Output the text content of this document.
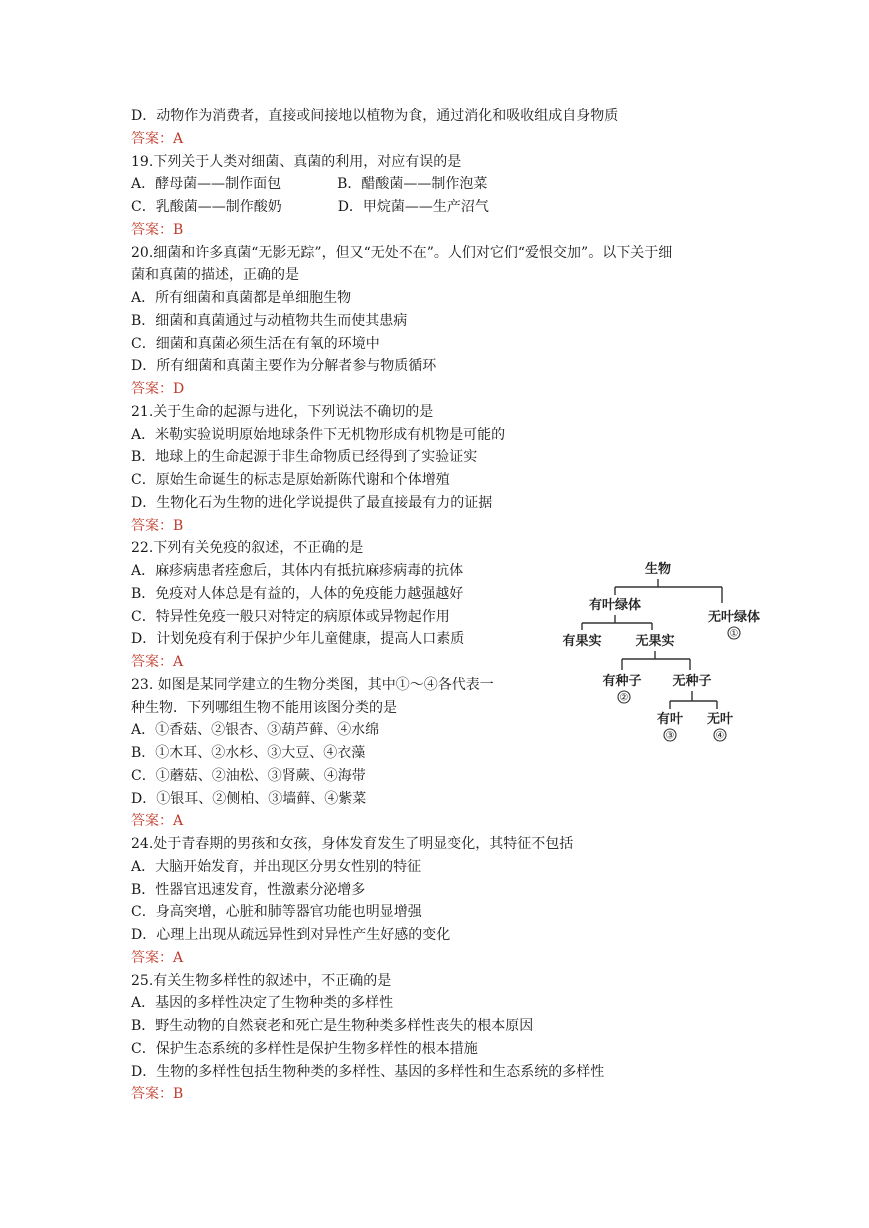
D．动物作为消费者，直接或间接地以植物为食，通过消化和吸收组成自身物质
答案：A
19.下列关于人类对细菌、真菌的利用，对应有误的是
A．酵母菌——制作面包　　　　B．醋酸菌——制作泡菜
C．乳酸菌——制作酸奶　　　　D．甲烷菌——生产沼气
答案：B
20.细菌和许多真菌“无影无踪”，但又“无处不在”。人们对它们“爱恨交加”。以下关于细
菌和真菌的描述，正确的是
A．所有细菌和真菌都是单细胞生物
B．细菌和真菌通过与动植物共生而使其患病
C．细菌和真菌必须生活在有氧的环境中
D．所有细菌和真菌主要作为分解者参与物质循环
答案：D
21.关于生命的起源与进化，下列说法不确切的是
A．米勒实验说明原始地球条件下无机物形成有机物是可能的
B．地球上的生命起源于非生命物质已经得到了实验证实
C．原始生命诞生的标志是原始新陈代谢和个体增殖
D．生物化石为生物的进化学说提供了最直接最有力的证据
答案：B
22.下列有关免疫的叙述，不正确的是
A．麻疹病患者痊愈后，其体内有抵抗麻疹病毒的抗体
B．免疫对人体总是有益的，人体的免疫能力越强越好
C．特异性免疫一般只对特定的病原体或异物起作用
D．计划免疫有利于保护少年儿童健康，提高人口素质
答案：A
23. 如图是某同学建立的生物分类图，其中①～④各代表一
种生物．下列哪组生物不能用该图分类的是
A．①香菇、②银杏、③葫芦藓、④水绵
B．①木耳、②水杉、③大豆、④衣藻
C．①蘑菇、②油松、③肾蕨、④海带
D．①银耳、②侧柏、③墙藓、④紫菜
答案：A
24.处于青春期的男孩和女孩，身体发育发生了明显变化，其特征不包括
A．大脑开始发育，并出现区分男女性别的特征
B．性器官迅速发育，性激素分泌增多
C．身高突增，心脏和肺等器官功能也明显增强
D．心理上出现从疏远异性到对异性产生好感的变化
答案：A
25.有关生物多样性的叙述中，不正确的是
A．基因的多样性决定了生物种类的多样性
B．野生动物的自然衰老和死亡是生物种类多样性丧失的根本原因
C．保护生态系统的多样性是保护生物多样性的根本措施
D．生物的多样性包括生物种类的多样性、基因的多样性和生态系统的多样性
答案：B
生物
有叶绿体
无叶绿体
①
有果实	无果实
有种子
②
无种子
有叶 无叶
③	④
